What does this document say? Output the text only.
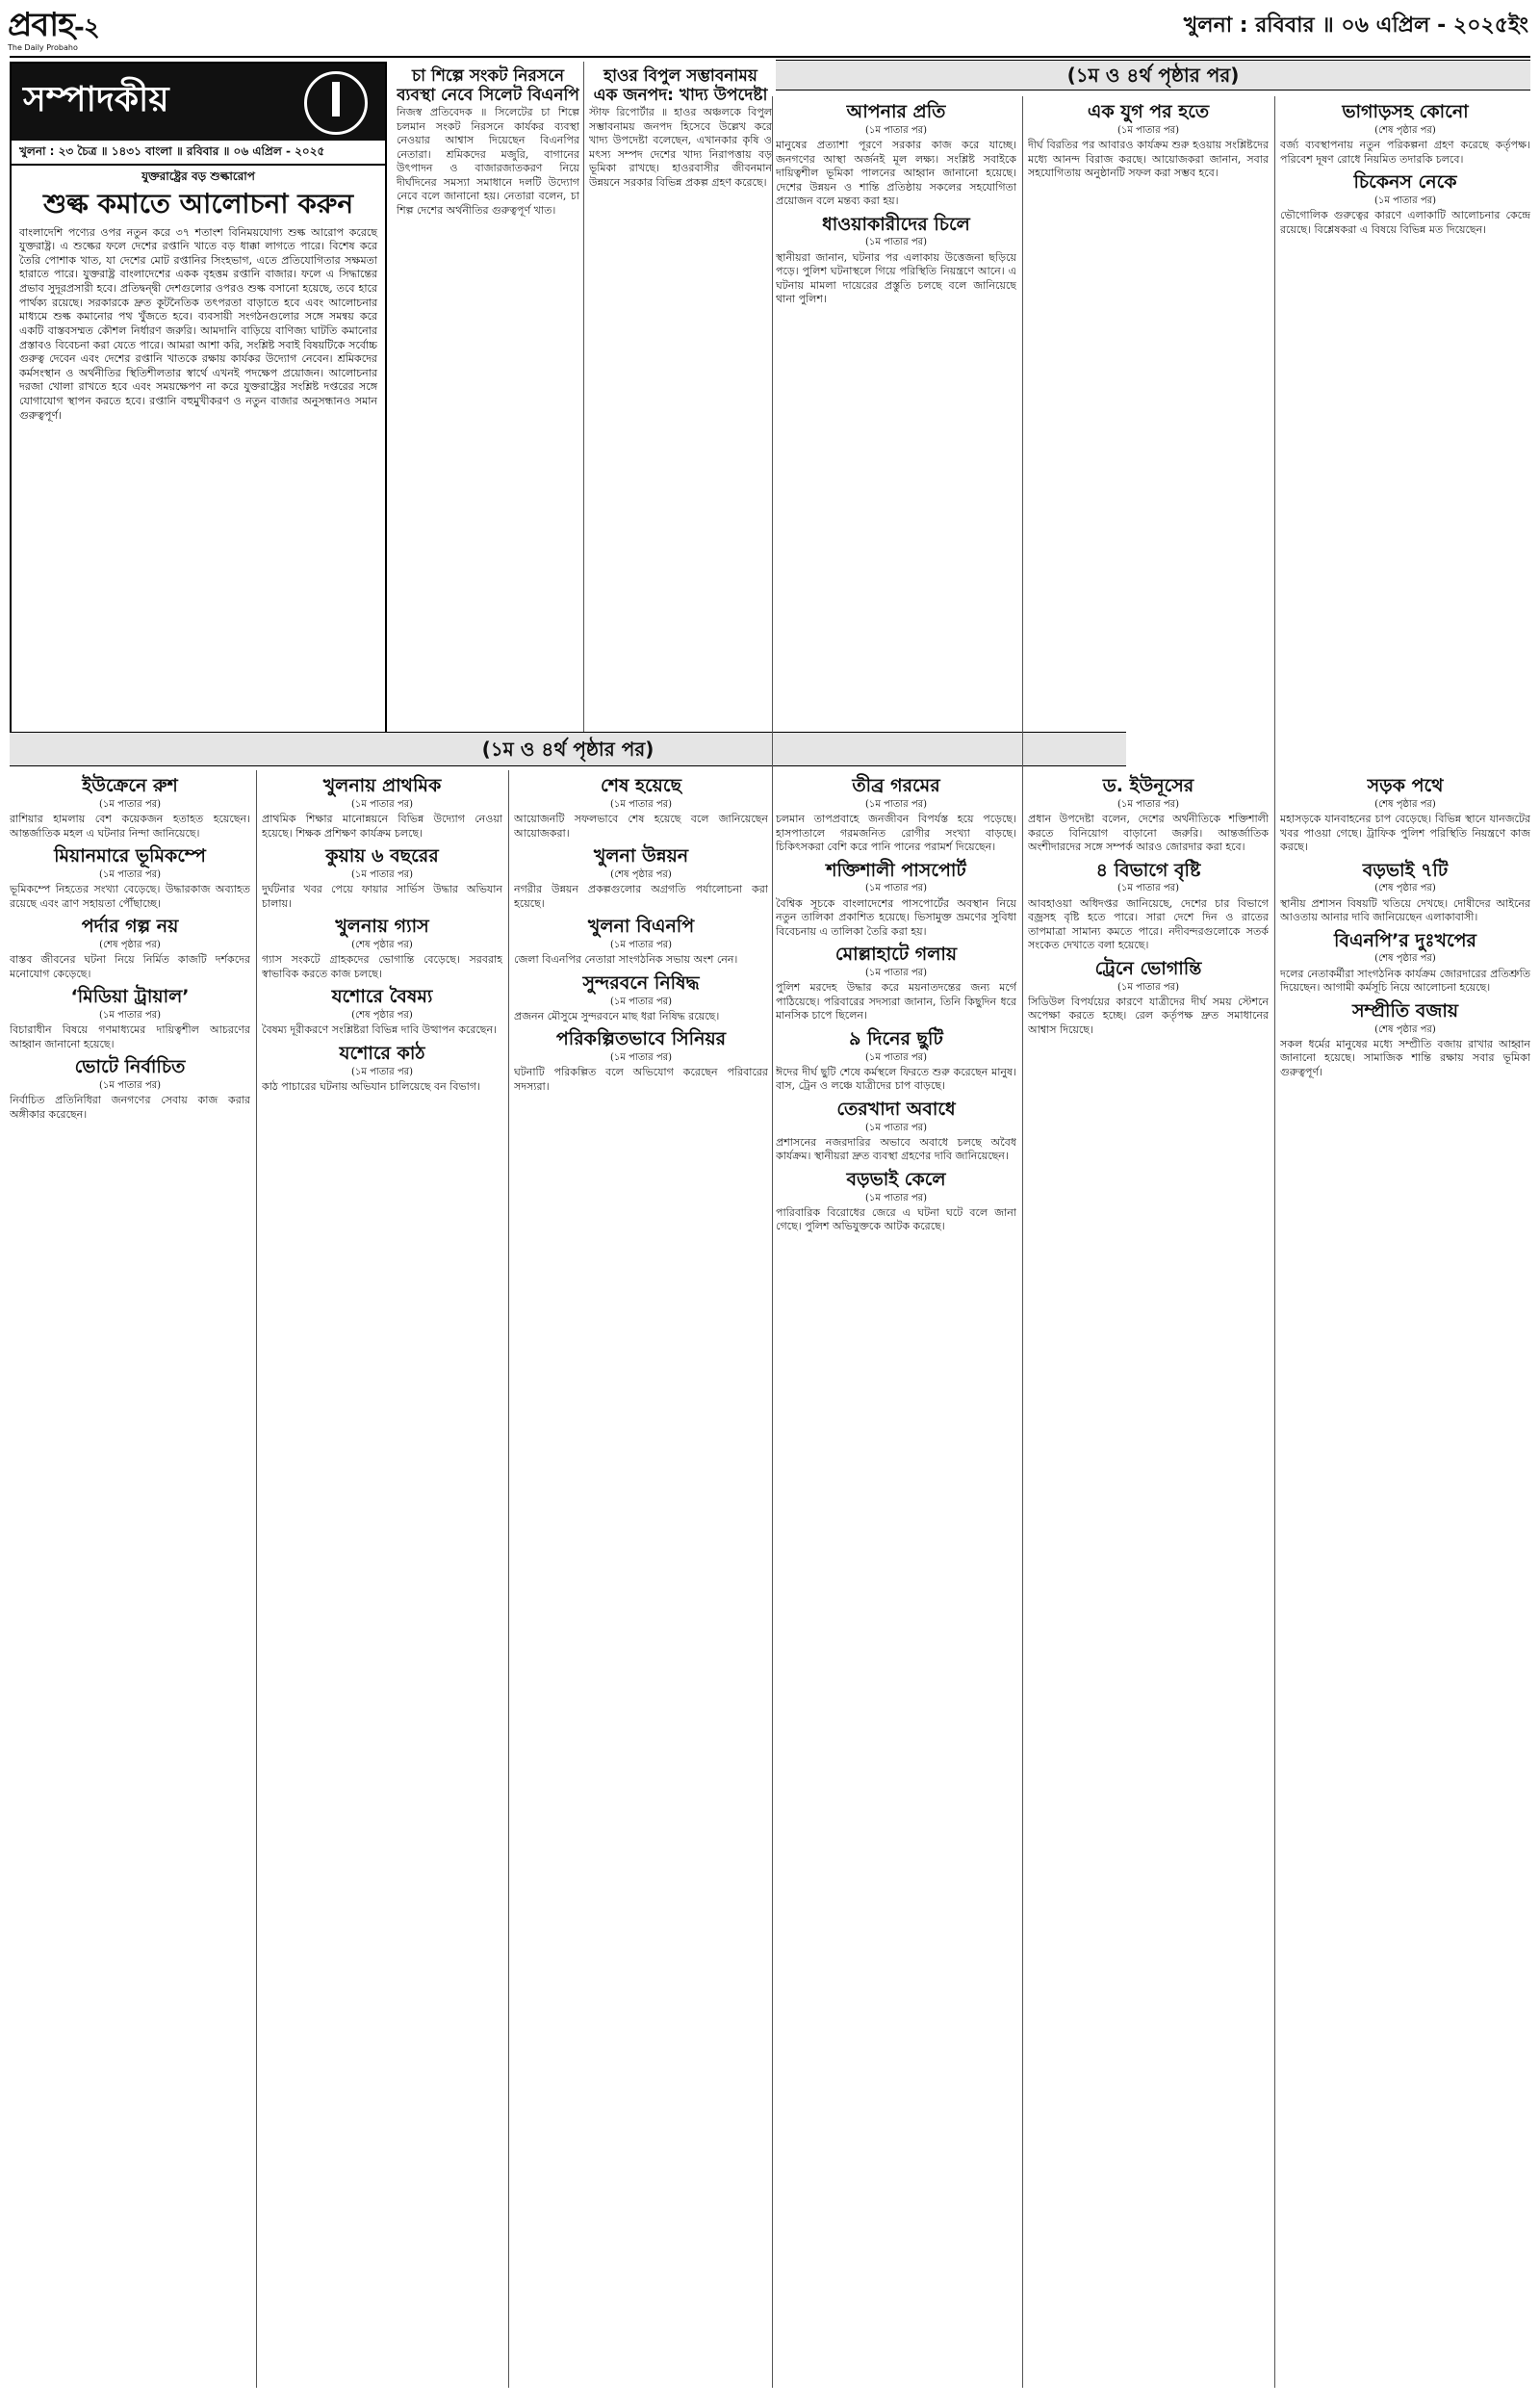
প্রবাহ-২
The Daily Probaho
খুলনা : রবিবার ॥ ০৬ এপ্রিল - ২০২৫ইং
(১ম ও ৪র্থ পৃষ্ঠার পর)
সম্পাদকীয়
খুলনা : ২৩ চৈত্র ॥ ১৪৩১ বাংলা ॥ রবিবার ॥ ০৬ এপ্রিল - ২০২৫
যুক্তরাষ্ট্রের বড় শুল্কারোপ
শুল্ক কমাতে আলোচনা করুন
বাংলাদেশি পণ্যের ওপর নতুন করে ৩৭ শতাংশ বিনিময়যোগ্য শুল্ক আরোপ করেছে যুক্তরাষ্ট্র। এ শুল্কের ফলে দেশের রপ্তানি খাতে বড় ধাক্কা লাগতে পারে। বিশেষ করে তৈরি পোশাক খাত, যা দেশের মোট রপ্তানির সিংহভাগ, এতে প্রতিযোগিতার সক্ষমতা হারাতে পারে। যুক্তরাষ্ট্র বাংলাদেশের একক বৃহত্তম রপ্তানি বাজার। ফলে এ সিদ্ধান্তের প্রভাব সুদূরপ্রসারী হবে। প্রতিদ্বন্দ্বী দেশগুলোর ওপরও শুল্ক বসানো হয়েছে, তবে হারে পার্থক্য রয়েছে। সরকারকে দ্রুত কূটনৈতিক তৎপরতা বাড়াতে হবে এবং আলোচনার মাধ্যমে শুল্ক কমানোর পথ খুঁজতে হবে। ব্যবসায়ী সংগঠনগুলোর সঙ্গে সমন্বয় করে একটি বাস্তবসম্মত কৌশল নির্ধারণ জরুরি। আমদানি বাড়িয়ে বাণিজ্য ঘাটতি কমানোর প্রস্তাবও বিবেচনা করা যেতে পারে। আমরা আশা করি, সংশ্লিষ্ট সবাই বিষয়টিকে সর্বোচ্চ গুরুত্ব দেবেন এবং দেশের রপ্তানি খাতকে রক্ষায় কার্যকর উদ্যোগ নেবেন। শ্রমিকদের কর্মসংস্থান ও অর্থনীতির স্থিতিশীলতার স্বার্থে এখনই পদক্ষেপ প্রয়োজন। আলোচনার দরজা খোলা রাখতে হবে এবং সময়ক্ষেপণ না করে যুক্তরাষ্ট্রের সংশ্লিষ্ট দপ্তরের সঙ্গে যোগাযোগ স্থাপন করতে হবে। রপ্তানি বহুমুখীকরণ ও নতুন বাজার অনুসন্ধানও সমান গুরুত্বপূর্ণ।
চা শিল্পে সংকট নিরসনে ব্যবস্থা নেবে সিলেট বিএনপি
নিজস্ব প্রতিবেদক ॥ সিলেটের চা শিল্পে চলমান সংকট নিরসনে কার্যকর ব্যবস্থা নেওয়ার আশ্বাস দিয়েছেন বিএনপির নেতারা। শ্রমিকদের মজুরি, বাগানের উৎপাদন ও বাজারজাতকরণ নিয়ে দীর্ঘদিনের সমস্যা সমাধানে দলটি উদ্যোগ নেবে বলে জানানো হয়। নেতারা বলেন, চা শিল্প দেশের অর্থনীতির গুরুত্বপূর্ণ খাত।
হাওর বিপুল সম্ভাবনাময় এক জনপদ: খাদ্য উপদেষ্টা
স্টাফ রিপোর্টার ॥ হাওর অঞ্চলকে বিপুল সম্ভাবনাময় জনপদ হিসেবে উল্লেখ করে খাদ্য উপদেষ্টা বলেছেন, এখানকার কৃষি ও মৎস্য সম্পদ দেশের খাদ্য নিরাপত্তায় বড় ভূমিকা রাখছে। হাওরবাসীর জীবনমান উন্নয়নে সরকার বিভিন্ন প্রকল্প গ্রহণ করেছে।
(১ম ও ৪র্থ পৃষ্ঠার পর)
আপনার প্রতি
(১ম পাতার পর)
মানুষের প্রত্যাশা পূরণে সরকার কাজ করে যাচ্ছে। জনগণের আস্থা অর্জনই মূল লক্ষ্য। সংশ্লিষ্ট সবাইকে দায়িত্বশীল ভূমিকা পালনের আহ্বান জানানো হয়েছে। দেশের উন্নয়ন ও শান্তি প্রতিষ্ঠায় সকলের সহযোগিতা প্রয়োজন বলে মন্তব্য করা হয়।
ধাওয়াকারীদের চিলে
(১ম পাতার পর)
স্থানীয়রা জানান, ঘটনার পর এলাকায় উত্তেজনা ছড়িয়ে পড়ে। পুলিশ ঘটনাস্থলে গিয়ে পরিস্থিতি নিয়ন্ত্রণে আনে। এ ঘটনায় মামলা দায়েরের প্রস্তুতি চলছে বলে জানিয়েছে থানা পুলিশ।
এক যুগ পর হতে
(১ম পাতার পর)
দীর্ঘ বিরতির পর আবারও কার্যক্রম শুরু হওয়ায় সংশ্লিষ্টদের মধ্যে আনন্দ বিরাজ করছে। আয়োজকরা জানান, সবার সহযোগিতায় অনুষ্ঠানটি সফল করা সম্ভব হবে।
ভাগাড়সহ কোনো
(শেষ পৃষ্ঠার পর)
বর্জ্য ব্যবস্থাপনায় নতুন পরিকল্পনা গ্রহণ করেছে কর্তৃপক্ষ। পরিবেশ দূষণ রোধে নিয়মিত তদারকি চলবে।
চিকেনস নেকে
(১ম পাতার পর)
ভৌগোলিক গুরুত্বের কারণে এলাকাটি আলোচনার কেন্দ্রে রয়েছে। বিশ্লেষকরা এ বিষয়ে বিভিন্ন মত দিয়েছেন।
ইউক্রেনে রুশ
(১ম পাতার পর)
রাশিয়ার হামলায় বেশ কয়েকজন হতাহত হয়েছেন। আন্তর্জাতিক মহল এ ঘটনার নিন্দা জানিয়েছে।
মিয়ানমারে ভূমিকম্পে
(১ম পাতার পর)
ভূমিকম্পে নিহতের সংখ্যা বেড়েছে। উদ্ধারকাজ অব্যাহত রয়েছে এবং ত্রাণ সহায়তা পৌঁছাচ্ছে।
পর্দার গল্প নয়
(শেষ পৃষ্ঠার পর)
বাস্তব জীবনের ঘটনা নিয়ে নির্মিত কাজটি দর্শকদের মনোযোগ কেড়েছে।
‘মিডিয়া ট্রায়াল’
(১ম পাতার পর)
বিচারাধীন বিষয়ে গণমাধ্যমের দায়িত্বশীল আচরণের আহ্বান জানানো হয়েছে।
ভোটে নির্বাচিত
(১ম পাতার পর)
নির্বাচিত প্রতিনিধিরা জনগণের সেবায় কাজ করার অঙ্গীকার করেছেন।
খুলনায় প্রাথমিক
(১ম পাতার পর)
প্রাথমিক শিক্ষার মানোন্নয়নে বিভিন্ন উদ্যোগ নেওয়া হয়েছে। শিক্ষক প্রশিক্ষণ কার্যক্রম চলছে।
কুয়ায় ৬ বছরের
(১ম পাতার পর)
দুর্ঘটনার খবর পেয়ে ফায়ার সার্ভিস উদ্ধার অভিযান চালায়।
খুলনায় গ্যাস
(শেষ পৃষ্ঠার পর)
গ্যাস সংকটে গ্রাহকদের ভোগান্তি বেড়েছে। সরবরাহ স্বাভাবিক করতে কাজ চলছে।
যশোরে বৈষম্য
(শেষ পৃষ্ঠার পর)
বৈষম্য দূরীকরণে সংশ্লিষ্টরা বিভিন্ন দাবি উত্থাপন করেছেন।
যশোরে কাঠ
(১ম পাতার পর)
কাঠ পাচারের ঘটনায় অভিযান চালিয়েছে বন বিভাগ।
শেষ হয়েছে
(১ম পাতার পর)
আয়োজনটি সফলভাবে শেষ হয়েছে বলে জানিয়েছেন আয়োজকরা।
খুলনা উন্নয়ন
(শেষ পৃষ্ঠার পর)
নগরীর উন্নয়ন প্রকল্পগুলোর অগ্রগতি পর্যালোচনা করা হয়েছে।
খুলনা বিএনপি
(১ম পাতার পর)
জেলা বিএনপির নেতারা সাংগঠনিক সভায় অংশ নেন।
সুন্দরবনে নিষিদ্ধ
(১ম পাতার পর)
প্রজনন মৌসুমে সুন্দরবনে মাছ ধরা নিষিদ্ধ রয়েছে।
পরিকল্পিতভাবে সিনিয়র
(১ম পাতার পর)
ঘটনাটি পরিকল্পিত বলে অভিযোগ করেছেন পরিবারের সদস্যরা।
তীব্র গরমের
(১ম পাতার পর)
চলমান তাপপ্রবাহে জনজীবন বিপর্যস্ত হয়ে পড়েছে। হাসপাতালে গরমজনিত রোগীর সংখ্যা বাড়ছে। চিকিৎসকরা বেশি করে পানি পানের পরামর্শ দিয়েছেন।
শক্তিশালী পাসপোর্ট
(১ম পাতার পর)
বৈশ্বিক সূচকে বাংলাদেশের পাসপোর্টের অবস্থান নিয়ে নতুন তালিকা প্রকাশিত হয়েছে। ভিসামুক্ত ভ্রমণের সুবিধা বিবেচনায় এ তালিকা তৈরি করা হয়।
মোল্লাহাটে গলায়
(১ম পাতার পর)
পুলিশ মরদেহ উদ্ধার করে ময়নাতদন্তের জন্য মর্গে পাঠিয়েছে। পরিবারের সদস্যরা জানান, তিনি কিছুদিন ধরে মানসিক চাপে ছিলেন।
৯ দিনের ছুটি
(১ম পাতার পর)
ঈদের দীর্ঘ ছুটি শেষে কর্মস্থলে ফিরতে শুরু করেছেন মানুষ। বাস, ট্রেন ও লঞ্চে যাত্রীদের চাপ বাড়ছে।
তেরখাদা অবাধে
(১ম পাতার পর)
প্রশাসনের নজরদারির অভাবে অবাধে চলছে অবৈধ কার্যক্রম। স্থানীয়রা দ্রুত ব্যবস্থা গ্রহণের দাবি জানিয়েছেন।
বড়ভাই কেলে
(১ম পাতার পর)
পারিবারিক বিরোধের জেরে এ ঘটনা ঘটে বলে জানা গেছে। পুলিশ অভিযুক্তকে আটক করেছে।
ড. ইউনূসের
(১ম পাতার পর)
প্রধান উপদেষ্টা বলেন, দেশের অর্থনীতিকে শক্তিশালী করতে বিনিয়োগ বাড়ানো জরুরি। আন্তর্জাতিক অংশীদারদের সঙ্গে সম্পর্ক আরও জোরদার করা হবে।
৪ বিভাগে বৃষ্টি
(১ম পাতার পর)
আবহাওয়া অধিদপ্তর জানিয়েছে, দেশের চার বিভাগে বজ্রসহ বৃষ্টি হতে পারে। সারা দেশে দিন ও রাতের তাপমাত্রা সামান্য কমতে পারে। নদীবন্দরগুলোকে সতর্ক সংকেত দেখাতে বলা হয়েছে।
ট্রেনে ভোগান্তি
(১ম পাতার পর)
সিডিউল বিপর্যয়ের কারণে যাত্রীদের দীর্ঘ সময় স্টেশনে অপেক্ষা করতে হচ্ছে। রেল কর্তৃপক্ষ দ্রুত সমাধানের আশ্বাস দিয়েছে।
সড়ক পথে
(শেষ পৃষ্ঠার পর)
মহাসড়কে যানবাহনের চাপ বেড়েছে। বিভিন্ন স্থানে যানজটের খবর পাওয়া গেছে। ট্রাফিক পুলিশ পরিস্থিতি নিয়ন্ত্রণে কাজ করছে।
বড়ভাই ৭টি
(শেষ পৃষ্ঠার পর)
স্থানীয় প্রশাসন বিষয়টি খতিয়ে দেখছে। দোষীদের আইনের আওতায় আনার দাবি জানিয়েছেন এলাকাবাসী।
বিএনপি’র দুঃখপের
(শেষ পৃষ্ঠার পর)
দলের নেতাকর্মীরা সাংগঠনিক কার্যক্রম জোরদারের প্রতিশ্রুতি দিয়েছেন। আগামী কর্মসূচি নিয়ে আলোচনা হয়েছে।
সম্প্রীতি বজায়
(শেষ পৃষ্ঠার পর)
সকল ধর্মের মানুষের মধ্যে সম্প্রীতি বজায় রাখার আহ্বান জানানো হয়েছে। সামাজিক শান্তি রক্ষায় সবার ভূমিকা গুরুত্বপূর্ণ।
